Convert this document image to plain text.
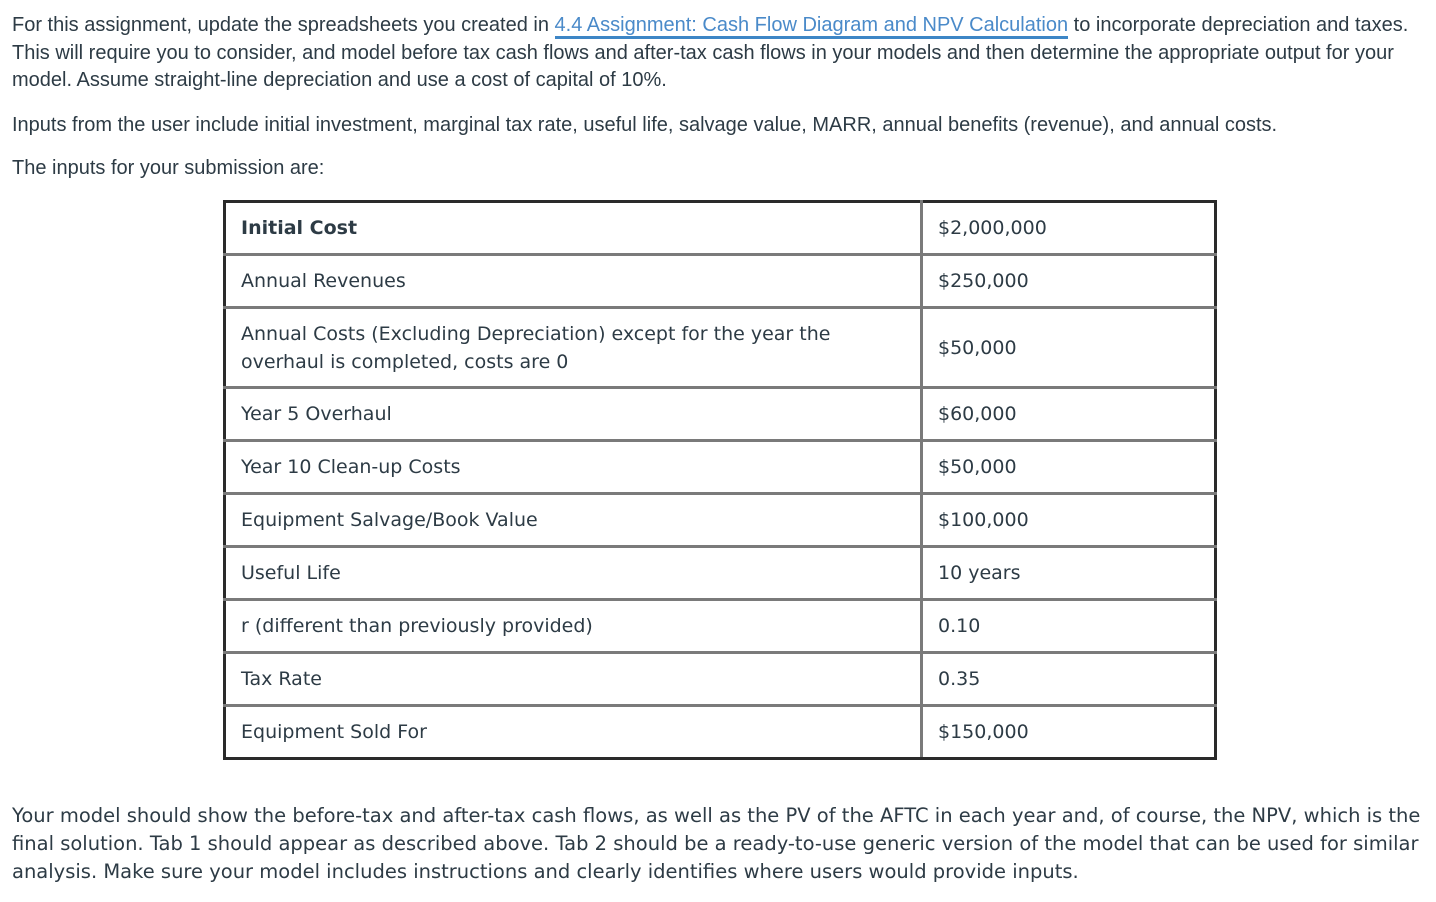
For this assignment, update the spreadsheets you created in 4.4 Assignment: Cash Flow Diagram and NPV Calculation to incorporate depreciation and taxes. This will require you to consider, and model before tax cash flows and after-tax cash flows in your models and then determine the appropriate output for your model. Assume straight-line depreciation and use a cost of capital of 10%.

Inputs from the user include initial investment, marginal tax rate, useful life, salvage value, MARR, annual benefits (revenue), and annual costs.

The inputs for your submission are:

Initial Cost	$2,000,000
Annual Revenues	$250,000
Annual Costs (Excluding Depreciation) except for the year the overhaul is completed, costs are 0	$50,000
Year 5 Overhaul	$60,000
Year 10 Clean-up Costs	$50,000
Equipment Salvage/Book Value	$100,000
Useful Life	10 years
r (different than previously provided)	0.10
Tax Rate	0.35
Equipment Sold For	$150,000

Your model should show the before-tax and after-tax cash flows, as well as the PV of the AFTC in each year and, of course, the NPV, which is the final solution. Tab 1 should appear as described above. Tab 2 should be a ready-to-use generic version of the model that can be used for similar analysis. Make sure your model includes instructions and clearly identifies where users would provide inputs.
